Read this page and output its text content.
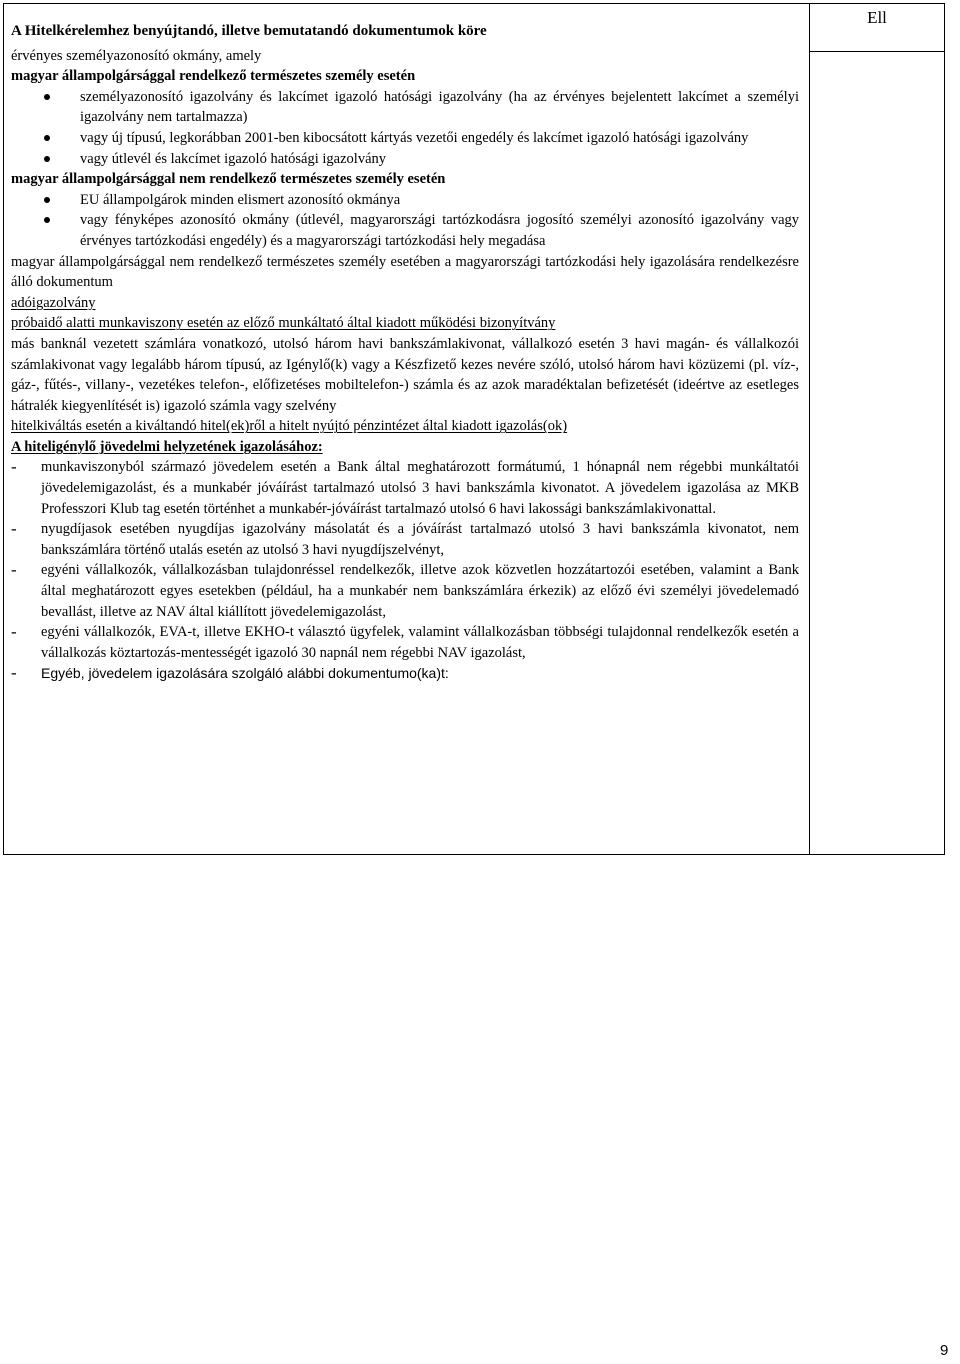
Ell

A Hitelkérelemhez benyújtandó, illetve bemutatandó dokumentumok köre

érvényes személyazonosító okmány, amely

magyar állampolgársággal rendelkező természetes személy esetén

személyazonosító igazolvány és lakcímet igazoló hatósági igazolvány (ha az érvényes bejelentett lakcímet a személyi igazolvány nem tartalmazza)

vagy új típusú, legkorábban 2001-ben kibocsátott kártyás vezetői engedély és lakcímet igazoló hatósági igazolvány

vagy útlevél és lakcímet igazoló hatósági igazolvány

magyar állampolgársággal nem rendelkező természetes személy esetén

EU állampolgárok minden elismert azonosító okmánya

vagy fényképes azonosító okmány (útlevél, magyarországi tartózkodásra jogosító személyi azonosító igazolvány vagy érvényes tartózkodási engedély) és a magyarországi tartózkodási hely megadása

magyar állampolgársággal nem rendelkező természetes személy esetében a magyarországi tartózkodási hely igazolására rendelkezésre álló dokumentum

adóigazolvány

próbaidő alatti munkaviszony esetén az előző munkáltató által kiadott működési bizonyítvány

más banknál vezetett számlára vonatkozó, utolsó három havi bankszámlakivonat, vállalkozó esetén 3 havi magán- és vállalkozói számlakivonat vagy legalább három típusú, az Igénylő(k) vagy a Készfizető kezes nevére szóló, utolsó három havi közüzemi (pl. víz-, gáz-, fűtés-, villany-, vezetékes telefon-, előfizetéses mobiltelefon-) számla és az azok maradéktalan befizetését (ideértve az esetleges hátralék kiegyenlítését is) igazoló számla vagy szelvény

hitelkiváltás esetén a kiváltandó hitel(ek)ről a hitelt nyújtó pénzintézet által kiadott igazolás(ok)

A hiteligénylő jövedelmi helyzetének igazolásához:

- munkaviszonyból származó jövedelem esetén a Bank által meghatározott formátumú, 1 hónapnál nem régebbi munkáltatói jövedelemigazolást, és a munkabér jóváírást tartalmazó utolsó 3 havi bankszámla kivonatot. A jövedelem igazolása az MKB Professzori Klub tag esetén történhet a munkabér-jóváírást tartalmazó utolsó 6 havi lakossági bankszámlakivonattal.

- nyugdíjasok esetében nyugdíjas igazolvány másolatát és a jóváírást tartalmazó utolsó 3 havi bankszámla kivonatot, nem bankszámlára történő utalás esetén az utolsó 3 havi nyugdíjszelvényt,

- egyéni vállalkozók, vállalkozásban tulajdonréssel rendelkezők, illetve azok közvetlen hozzátartozói esetében, valamint a Bank által meghatározott egyes esetekben (például, ha a munkabér nem bankszámlára érkezik) az előző évi személyi jövedelemadó bevallást, illetve az NAV által kiállított jövedelemigazolást,

- egyéni vállalkozók, EVA-t, illetve EKHO-t választó ügyfelek, valamint vállalkozásban többségi tulajdonnal rendelkezők esetén a vállalkozás köztartozás-mentességét igazoló 30 napnál nem régebbi NAV igazolást,

- Egyéb, jövedelem igazolására szolgáló alábbi dokumentumo(ka)t:

9
